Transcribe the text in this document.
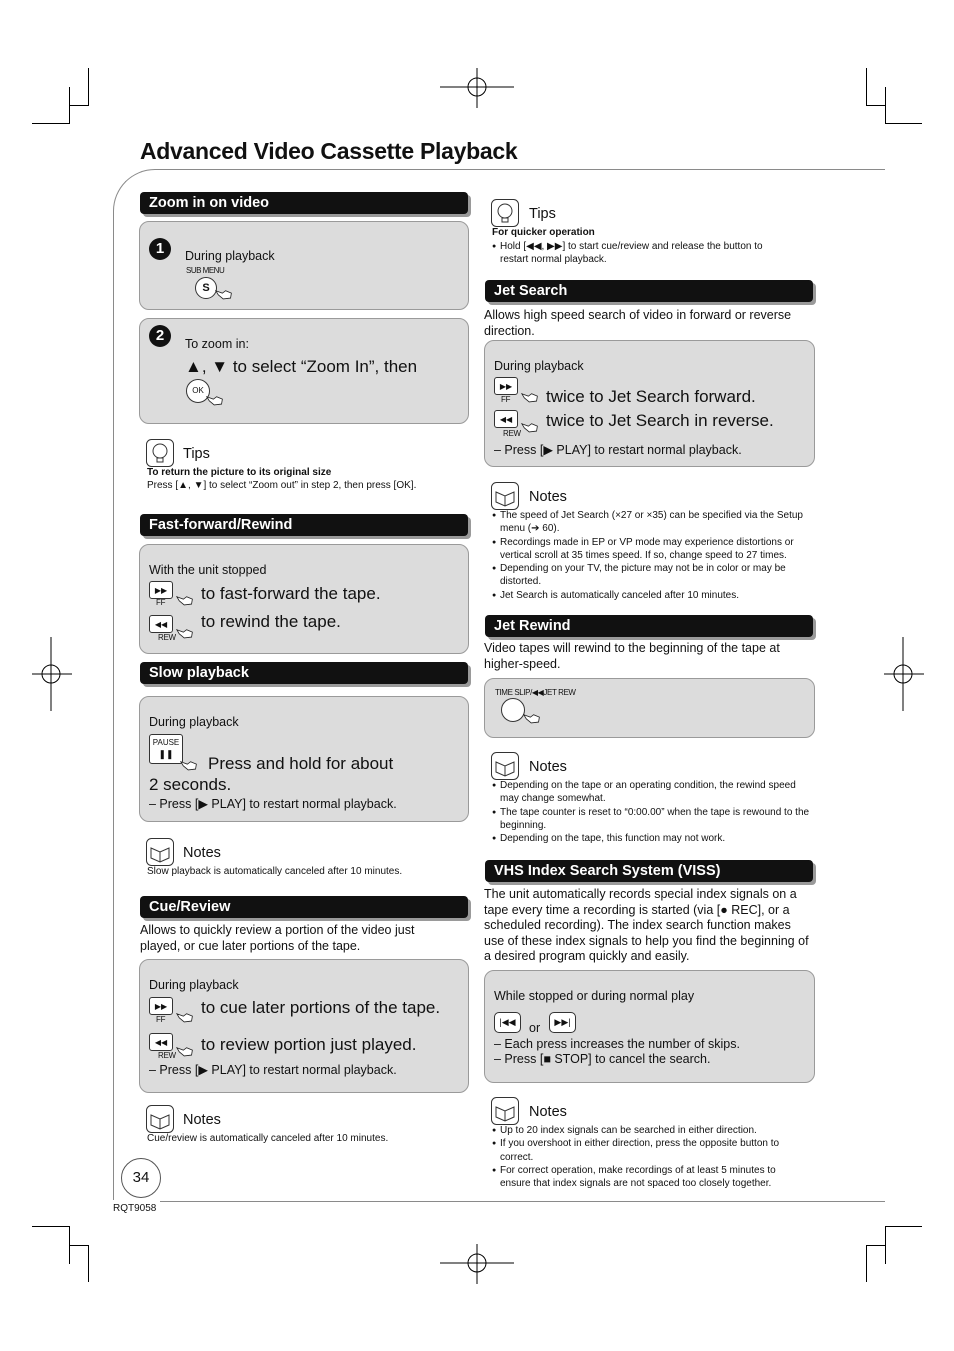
Advanced Video Cassette Playback
Zoom in on video
1	During playback
SUB MENU
S
2	To zoom in:
▲, ▼ to select “Zoom In”, then
OK
Tips
To return the picture to its original size
Press [▲, ▼] to select “Zoom out” in step 2, then press [OK].
Fast-forward/Rewind
With the unit stopped
▶▶
FF to fast-forward the tape.
◀◀
REW
to rewind the tape.
Slow playback
During playback
PAUSE
❚❚	Press and hold for about
2 seconds.
– Press [▶ PLAY] to restart normal playback.
Notes
Slow playback is automatically canceled after 10 minutes.
Cue/Review
Allows to quickly review a portion of the video just played, or cue later portions of the tape.
During playback
▶▶
FF
to cue later portions of the tape.
◀◀
REW
to review portion just played.
– Press [▶ PLAY] to restart normal playback.
Notes
Cue/review is automatically canceled after 10 minutes.
34
RQT9058
Tips
For quicker operation
● Hold [◀◀, ▶▶] to start cue/review and release the button to restart normal playback.
Jet Search
Allows high speed search of video in forward or reverse direction.
During playback
▶▶
FF twice to Jet Search forward.
◀◀
REW
twice to Jet Search in reverse.
– Press [▶ PLAY] to restart normal playback.
Notes
● The speed of Jet Search (×27 or ×35) can be specified via the Setup menu (➔ 60).
● Recordings made in EP or VP mode may experience distortions or vertical scroll at 35 times speed. If so, change speed to 27 times.
● Depending on your TV, the picture may not be in color or may be distorted.
● Jet Search is automatically canceled after 10 minutes.
Jet Rewind
Video tapes will rewind to the beginning of the tape at higher-speed.
TIME SLIP/◀◀JET REW
Notes
● Depending on the tape or an operating condition, the rewind speed may change somewhat.
● The tape counter is reset to “0:00.00” when the tape is rewound to the beginning.
● Depending on the tape, this function may not work.
VHS Index Search System (VISS)
The unit automatically records special index signals on a tape every time a recording is started (via [● REC], or a scheduled recording). The index search function makes use of these index signals to help you find the beginning of a desired program quickly and easily.
While stopped or during normal play
|◀◀	or	▶▶|
– Each press increases the number of skips.
– Press [■ STOP] to cancel the search.
Notes
● Up to 20 index signals can be searched in either direction.
● If you overshoot in either direction, press the opposite button to correct.
● For correct operation, make recordings of at least 5 minutes to ensure that index signals are not spaced too closely together.
